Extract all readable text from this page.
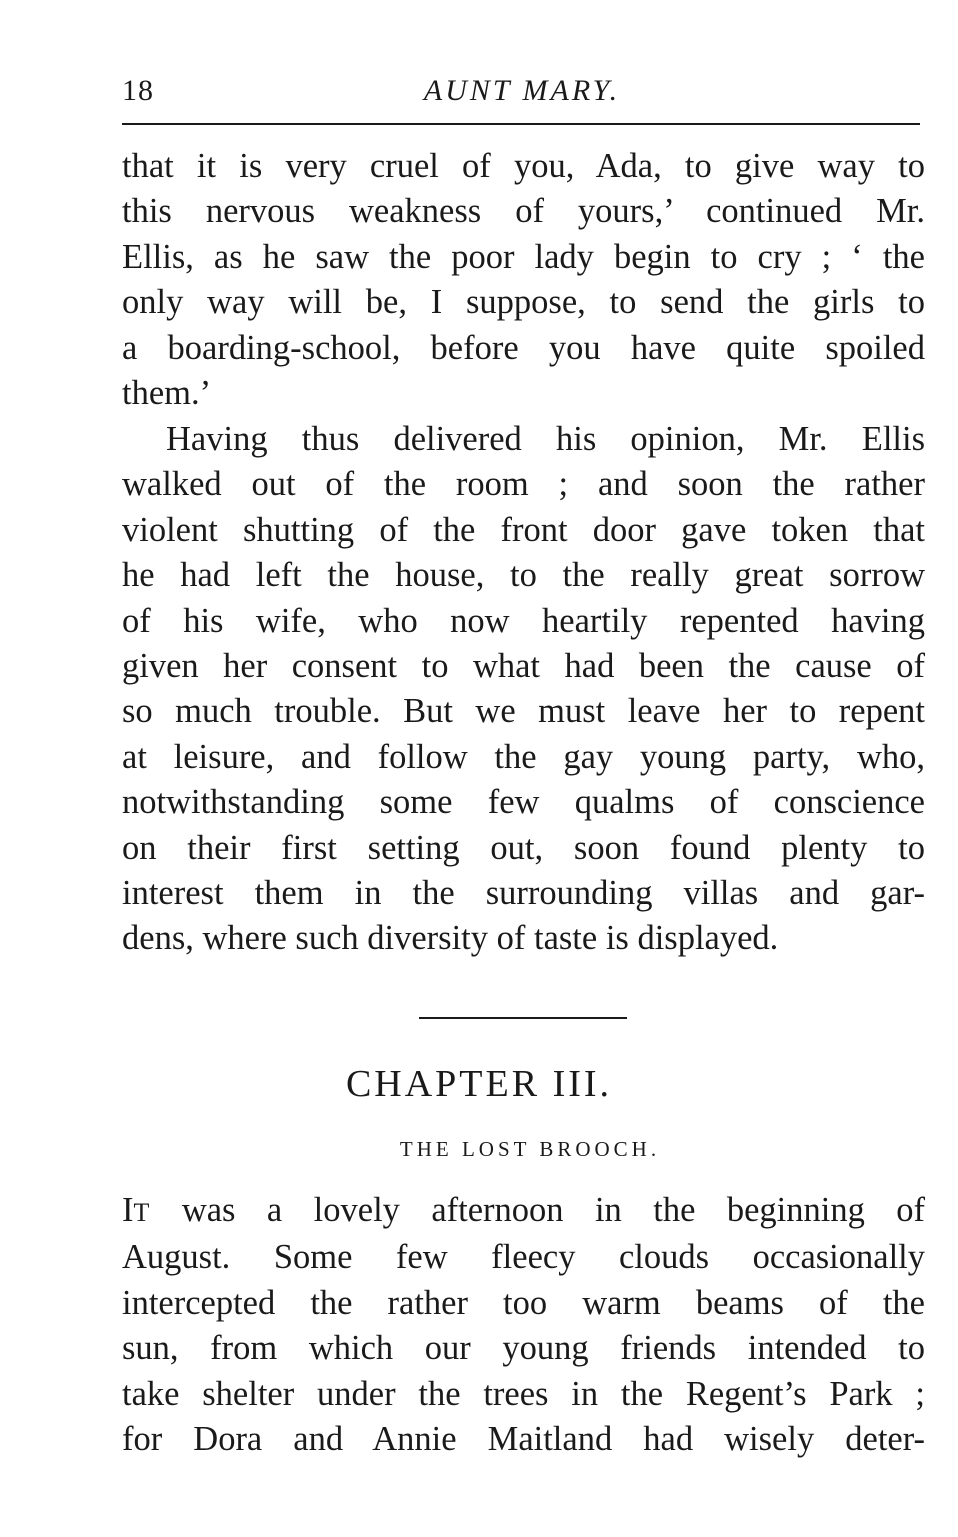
18	AUNT MARY.

that it is very cruel of you, Ada, to give way to
this nervous weakness of yours,’ continued Mr.
Ellis, as he saw the poor lady begin to cry ; ‘ the
only way will be, I suppose, to send the girls to
a boarding-school, before you have quite spoiled
them.’

Having thus delivered his opinion, Mr. Ellis
walked out of the room ; and soon the rather
violent shutting of the front door gave token that
he had left the house, to the really great sorrow
of his wife, who now heartily repented having
given her consent to what had been the cause of
so much trouble. But we must leave her to repent
at leisure, and follow the gay young party, who,
notwithstanding some few qualms of conscience
on their first setting out, soon found plenty to
interest them in the surrounding villas and gar-
dens, where such diversity of taste is displayed.

CHAPTER III.
THE LOST BROOCH.

IT was a lovely afternoon in the beginning of
August. Some few fleecy clouds occasionally
intercepted the rather too warm beams of the
sun, from which our young friends intended to
take shelter under the trees in the Regent’s Park ;
for Dora and Annie Maitland had wisely deter-
